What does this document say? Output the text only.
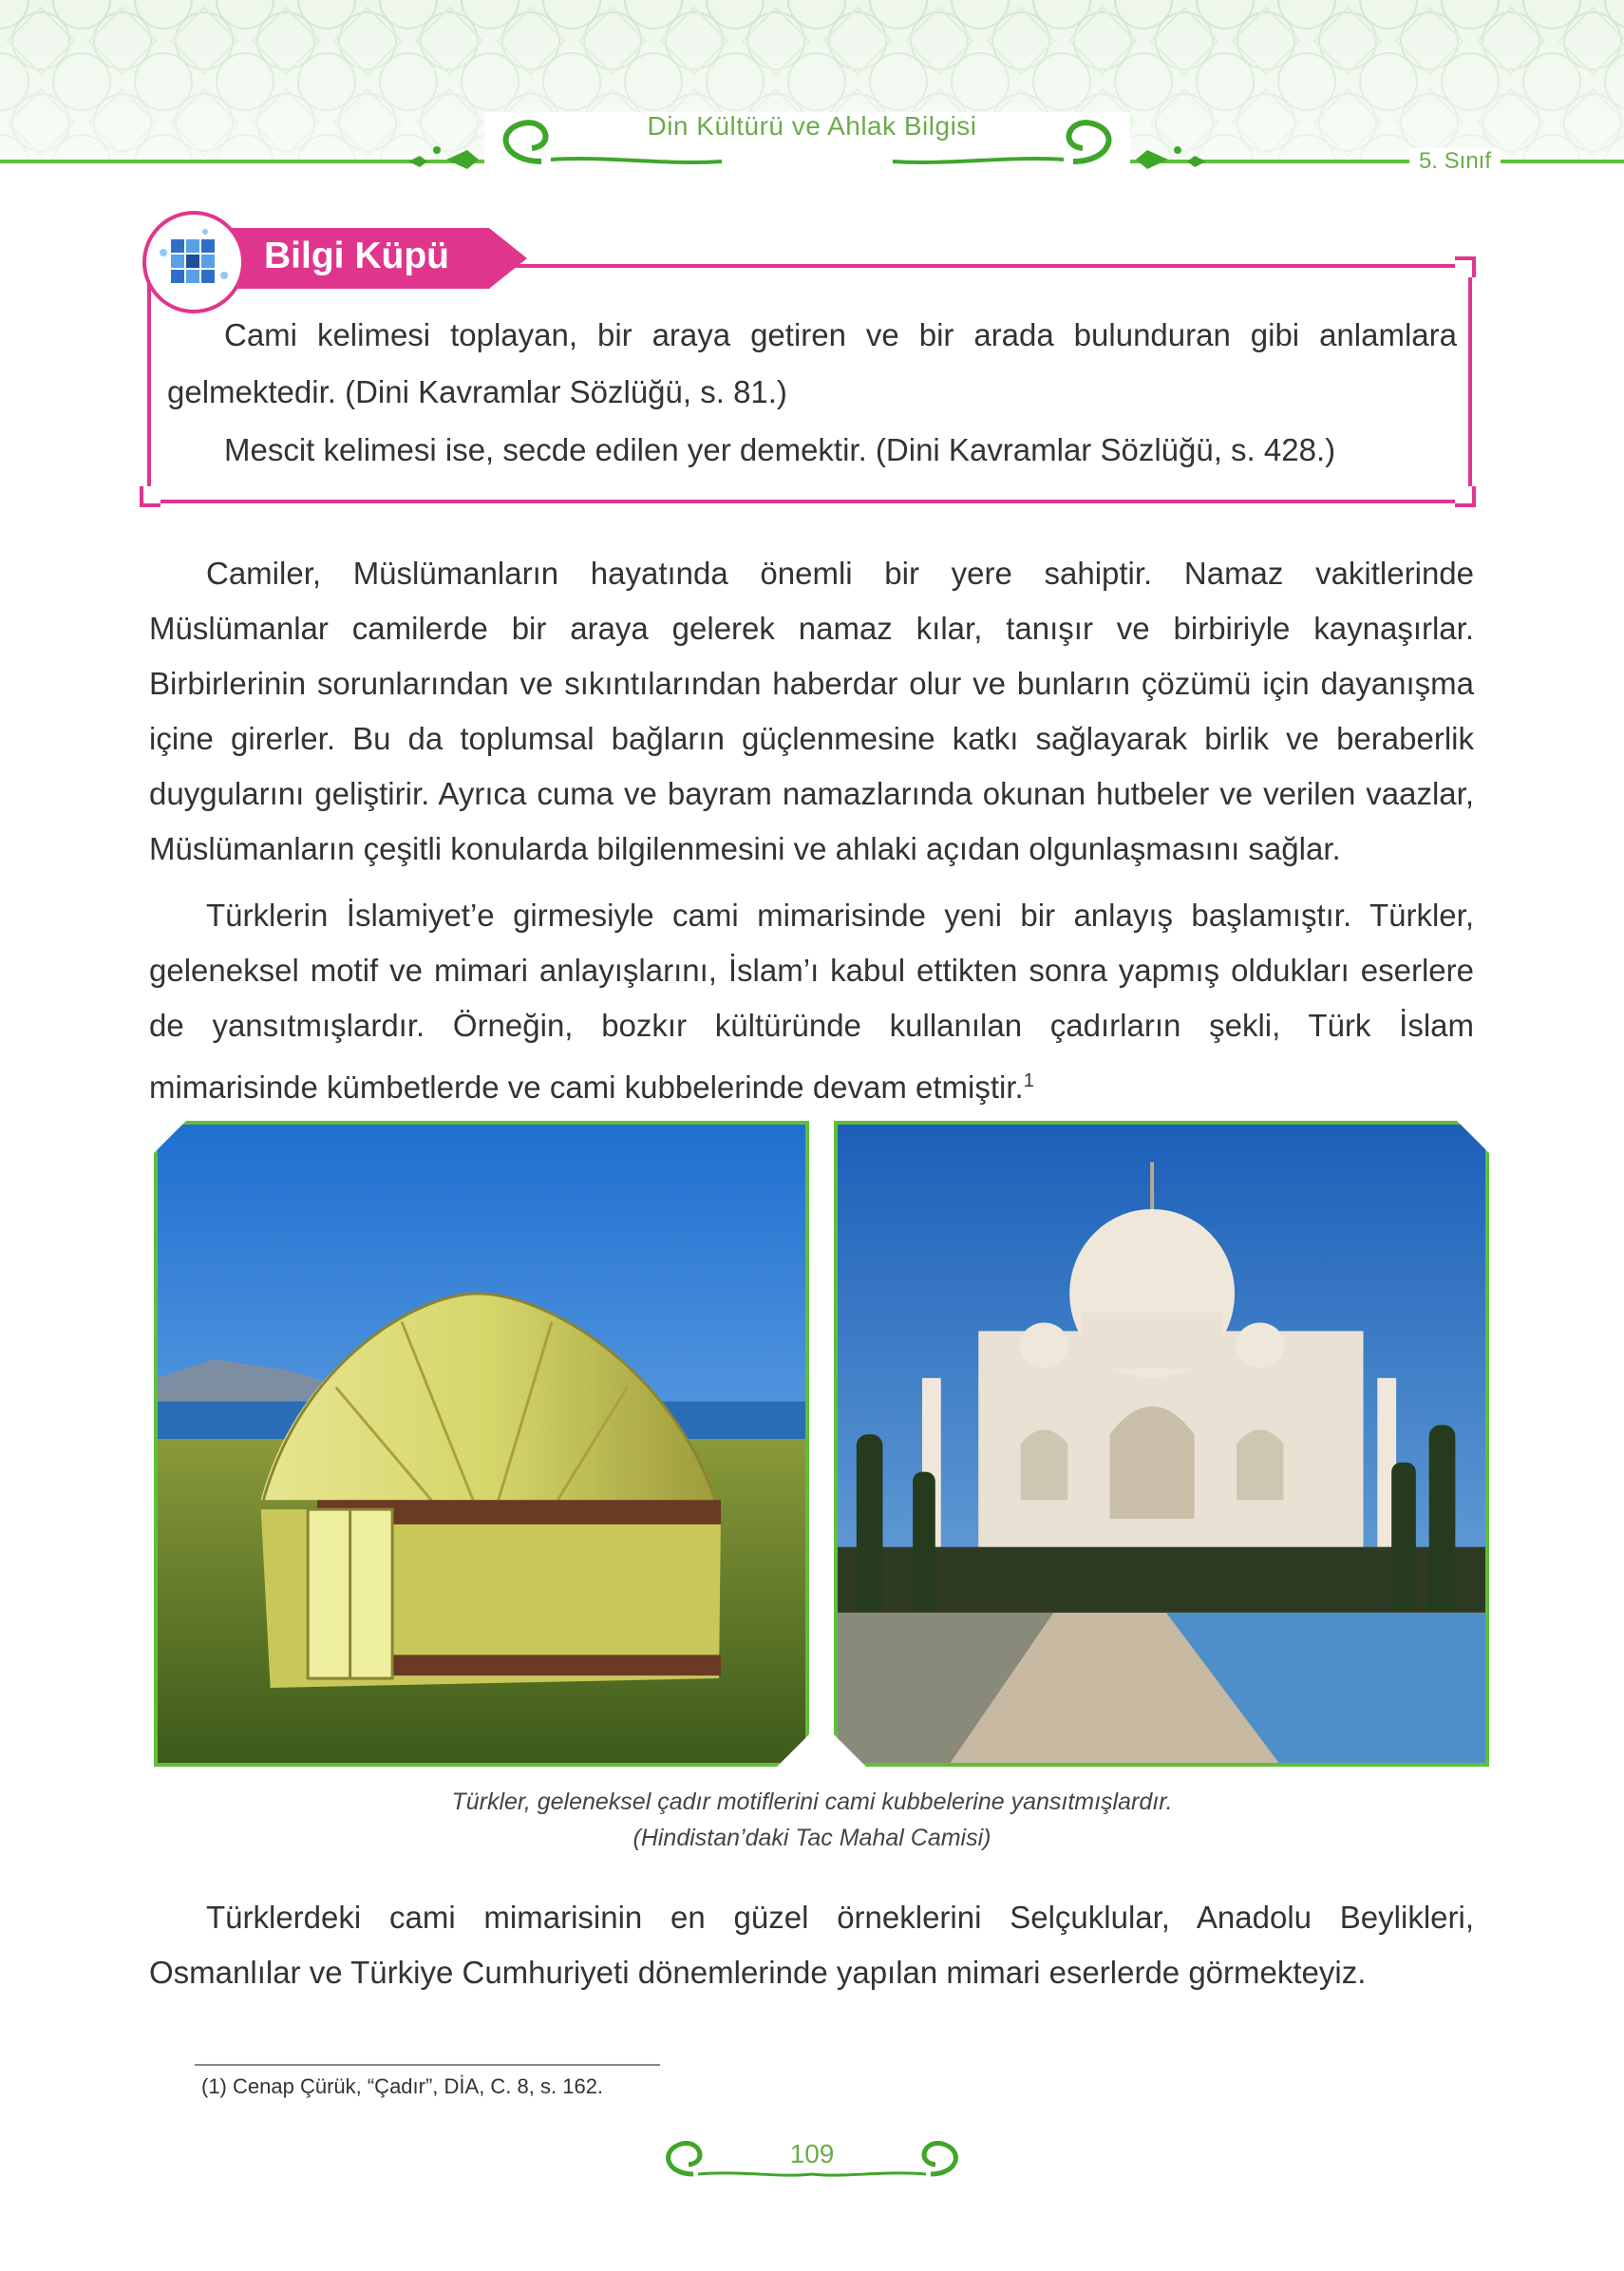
Din Kültürü ve Ahlak Bilgisi
5. Sınıf
Bilgi Küpü
Cami kelimesi toplayan, bir araya getiren ve bir arada bulunduran gibi anlamlara gelmektedir. (Dini Kavramlar Sözlüğü, s. 81.)
Mescit kelimesi ise, secde edilen yer demektir. (Dini Kavramlar Sözlüğü, s. 428.)
Camiler, Müslümanların hayatında önemli bir yere sahiptir. Namaz vakitlerinde Müslümanlar camilerde bir araya gelerek namaz kılar, tanışır ve birbiriyle kaynaşırlar. Birbirlerinin sorunlarından ve sıkıntılarından haberdar olur ve bunların çözümü için dayanışma içine girerler. Bu da toplumsal bağların güçlenmesine katkı sağlayarak birlik ve beraberlik duygularını geliştirir. Ayrıca cuma ve bayram namazlarında okunan hutbeler ve verilen vaazlar, Müslümanların çeşitli konularda bilgilenmesini ve ahlaki açıdan olgunlaşmasını sağlar.
Türklerin İslamiyet’e girmesiyle cami mimarisinde yeni bir anlayış başlamıştır. Türkler, geleneksel motif ve mimari anlayışlarını, İslam’ı kabul ettikten sonra yapmış oldukları eserlere de yansıtmışlardır. Örneğin, bozkır kültüründe kullanılan çadırların şekli, Türk İslam mimarisinde kümbetlerde ve cami kubbelerinde devam etmiştir.$^1$
Türkler, geleneksel çadır motiflerini cami kubbelerine yansıtmışlardır.
(Hindistan’daki Tac Mahal Camisi)
Türklerdeki cami mimarisinin en güzel örneklerini Selçuklular, Anadolu Beylikleri, Osmanlılar ve Türkiye Cumhuriyeti dönemlerinde yapılan mimari eserlerde görmekteyiz.
(1) Cenap Çürük, “Çadır”, DİA, C. 8, s. 162.
109
